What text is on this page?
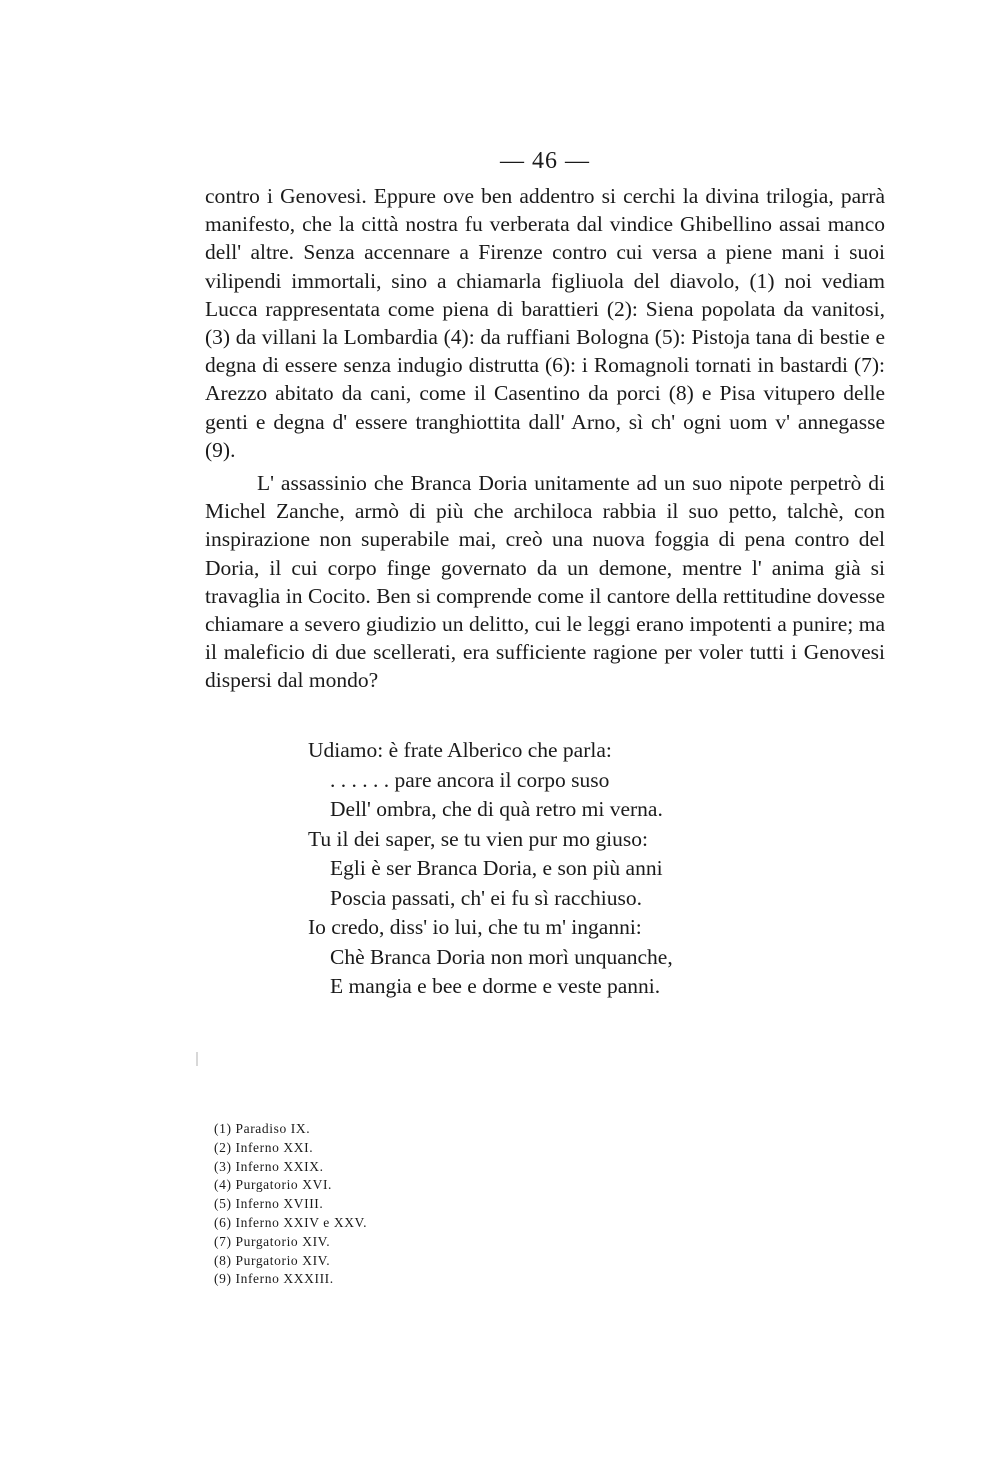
— 46 —

contro i Genovesi. Eppure ove ben addentro si cerchi la divina trilogia, parrà manifesto, che la città nostra fu verberata dal vindice Ghibellino assai manco dell' altre. Senza accennare a Firenze contro cui versa a piene mani i suoi vilipendi immortali, sino a chiamarla figliuola del diavolo, (1) noi vediam Lucca rappresentata come piena di barattieri (2): Siena popolata da vanitosi, (3) da villani la Lombardia (4): da ruffiani Bologna (5): Pistoja tana di bestie e degna di essere senza indugio distrutta (6): i Romagnoli tornati in bastardi (7): Arezzo abitato da cani, come il Casentino da porci (8) e Pisa vitupero delle genti e degna d' essere tranghiottita dall' Arno, sì ch' ogni uom v' annegasse (9).

L' assassinio che Branca Doria unitamente ad un suo nipote perpetrò di Michel Zanche, armò di più che archiloca rabbia il suo petto, talchè, con inspirazione non superabile mai, creò una nuova foggia di pena contro del Doria, il cui corpo finge governato da un demone, mentre l' anima già si travaglia in Cocito. Ben si comprende come il cantore della rettitudine dovesse chiamare a severo giudizio un delitto, cui le leggi erano impotenti a punire; ma il maleficio di due scellerati, era sufficiente ragione per voler tutti i Genovesi dispersi dal mondo?

Udiamo: è frate Alberico che parla:
. . . . . . pare ancora il corpo suso
Dell' ombra, che di quà retro mi verna.
Tu il dei saper, se tu vien pur mo giuso:
Egli è ser Branca Doria, e son più anni
Poscia passati, ch' ei fu sì racchiuso.
Io credo, diss' io lui, che tu m' inganni:
Chè Branca Doria non morì unquanche,
E mangia e bee e dorme e veste panni.
(1) Paradiso IX.
(2) Inferno XXI.
(3) Inferno XXIX.
(4) Purgatorio XVI.
(5) Inferno XVIII.
(6) Inferno XXIV e XXV.
(7) Purgatorio XIV.
(8) Purgatorio XIV.
(9) Inferno XXXIII.
